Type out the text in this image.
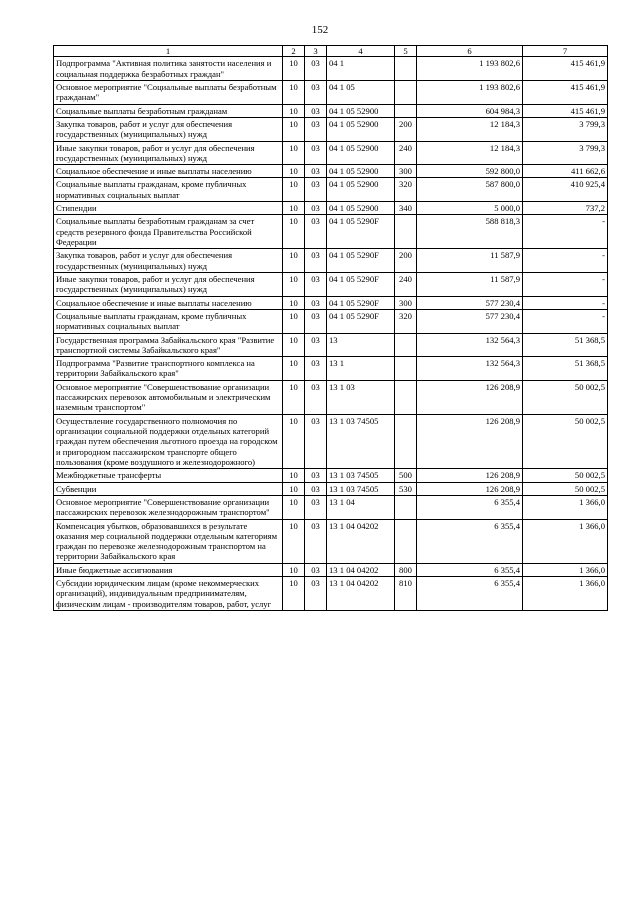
152
1	2	3	4	5	6	7
Подпрограмма "Активная политика занятости населения и социальная поддержка безработных граждан"	10	03	04 1		1 193 802,6	415 461,9
Основное мероприятие "Социальные выплаты безработным гражданам"	10	03	04 1 05		1 193 802,6	415 461,9
Социальные выплаты безработным гражданам	10	03	04 1 05 52900		604 984,3	415 461,9
Закупка товаров, работ и услуг для обеспечения государственных (муниципальных) нужд	10	03	04 1 05 52900	200	12 184,3	3 799,3
Иные закупки товаров, работ и услуг для обеспечения государственных (муниципальных) нужд	10	03	04 1 05 52900	240	12 184,3	3 799,3
Социальное обеспечение и иные выплаты населению	10	03	04 1 05 52900	300	592 800,0	411 662,6
Социальные выплаты гражданам, кроме публичных нормативных социальных выплат	10	03	04 1 05 52900	320	587 800,0	410 925,4
Стипендии	10	03	04 1 05 52900	340	5 000,0	737,2
Социальные выплаты безработным гражданам за счет средств резервного фонда Правительства Российской Федерации	10	03	04 1 05 5290F		588 818,3	-
Закупка товаров, работ и услуг для обеспечения государственных (муниципальных) нужд	10	03	04 1 05 5290F	200	11 587,9	-
Иные закупки товаров, работ и услуг для обеспечения государственных (муниципальных) нужд	10	03	04 1 05 5290F	240	11 587,9	-
Социальное обеспечение и иные выплаты населению	10	03	04 1 05 5290F	300	577 230,4	-
Социальные выплаты гражданам, кроме публичных нормативных социальных выплат	10	03	04 1 05 5290F	320	577 230,4	-
Государственная программа Забайкальского края "Развитие транспортной системы Забайкальского края"	10	03	13		132 564,3	51 368,5
Подпрограмма "Развитие транспортного комплекса на территории Забайкальского края"	10	03	13 1		132 564,3	51 368,5
Основное мероприятие "Совершенствование организации пассажирских перевозок автомобильным и электрическим наземным транспортом"	10	03	13 1 03		126 208,9	50 002,5
Осуществление государственного полномочия по организации социальной поддержки отдельных категорий граждан путем обеспечения льготного проезда на городском и пригородном пассажирском транспорте общего пользования (кроме воздушного и железнодорожного)	10	03	13 1 03 74505		126 208,9	50 002,5
Межбюджетные трансферты	10	03	13 1 03 74505	500	126 208,9	50 002,5
Субвенции	10	03	13 1 03 74505	530	126 208,9	50 002,5
Основное мероприятие "Совершенствование организации пассажирских перевозок железнодорожным транспортом"	10	03	13 1 04		6 355,4	1 366,0
Компенсация убытков, образовавшихся в результате оказания мер социальной поддержки отдельным категориям граждан по перевозке железнодорожным транспортом на территории Забайкальского края	10	03	13 1 04 04202		6 355,4	1 366,0
Иные бюджетные ассигнования	10	03	13 1 04 04202	800	6 355,4	1 366,0
Субсидии юридическим лицам (кроме некоммерческих организаций), индивидуальным предпринимателям, физическим лицам - производителям товаров, работ, услуг	10	03	13 1 04 04202	810	6 355,4	1 366,0
